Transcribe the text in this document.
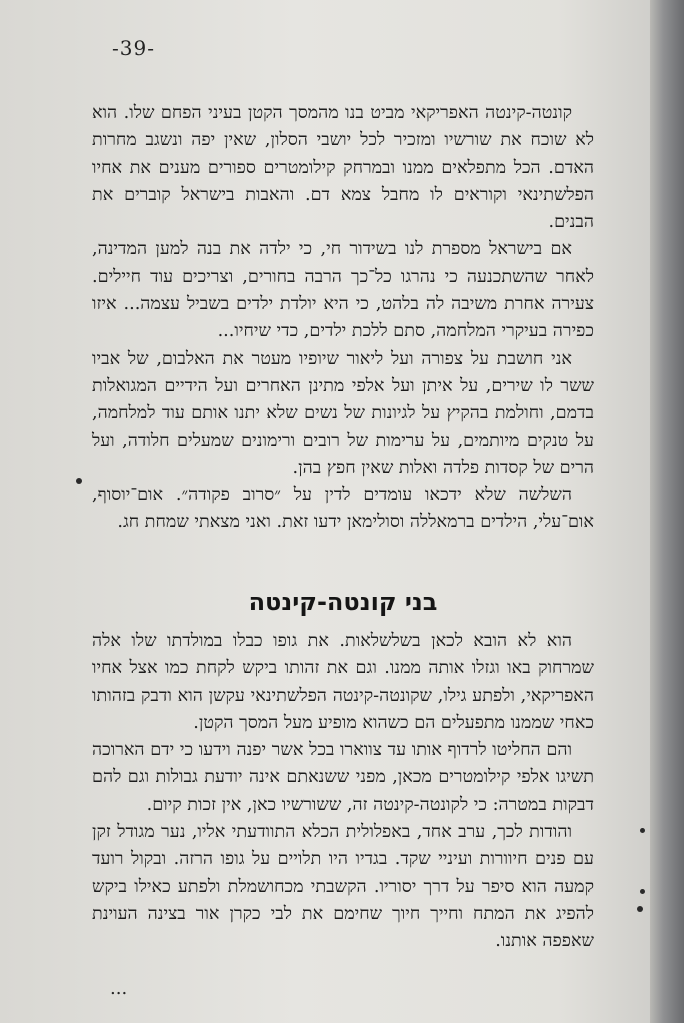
-39-

קונטה-קינטה האפריקאי מביט בנו מהמסך הקטן בעיני הפחם שלו. הוא לא שוכח את שורשיו ומזכיר לכל יושבי הסלון, שאין יפה ונשגב מחרות האדם. הכל מתפלאים ממנו ובמרחק קילומטרים ספורים מענים את אחיו הפלשתינאי וקוראים לו מחבל צמא דם. והאבות בישראל קוברים את הבנים.

אם בישראל מספרת לנו בשידור חי, כי ילדה את בנה למען המדינה, לאחר שהשתכנעה כי נהרגו כל־כך הרבה בחורים, וצריכים עוד חיילים. צעירה אחרת משיבה לה בלהט, כי היא יולדת ילדים בשביל עצמה... איזו כפירה בעיקרי המלחמה, סתם ללכת ילדים, כדי שיחיו...

אני חושבת על צפורה ועל ליאור שיופיו מעטר את האלבום, של אביו ששר לו שירים, על איתן ועל אלפי מתינן האחרים ועל הידיים המגואלות בדמם, וחולמת בהקיץ על לגיונות של נשים שלא יתנו אותם עוד למלחמה, על טנקים מיותמים, על ערימות של רובים ורימונים שמעלים חלודה, ועל הרים של קסדות פלדה ואלות שאין חפץ בהן.

השלשה שלא ידכאו עומדים לדין על ״סרוב פקודה״. אום־יוסוף, אום־עלי, הילדים ברמאללה וסולימאן ידעו זאת. ואני מצאתי שמחת חג.

בני קונטה-קינטה

הוא לא הובא לכאן בשלשלאות. את גופו כבלו במולדתו שלו אלה שמרחוק באו וגזלו אותה ממנו. וגם את זהותו ביקש לקחת כמו אצל אחיו האפריקאי, ולפתע גילו, שקונטה-קינטה הפלשתינאי עקשן הוא ודבק בזהותו כאחי שממנו מתפעלים הם כשהוא מופיע מעל המסך הקטן.

והם החליטו לרדוף אותו עד צווארו בכל אשר יפנה וידעו כי ידם הארוכה תשיגו אלפי קילומטרים מכאן, מפני ששנאתם אינה יודעת גבולות וגם להם דבקות במטרה: כי לקונטה-קינטה זה, ששורשיו כאן, אין זכות קיום.

והודות לכך, ערב אחד, באפלולית הכלא התוודעתי אליו, נער מגודל זקן עם פנים חיוורות ועיניי שקד. בגדיו היו תלויים על גופו הרזה. ובקול רועד קמעה הוא סיפר על דרך יסוריו. הקשבתי מכחושמלת ולפתע כאילו ביקש להפיג את המתח וחייך חיוך שחימם את לבי כקרן אור בצינה העוינת שאפפה אותנו.

...
